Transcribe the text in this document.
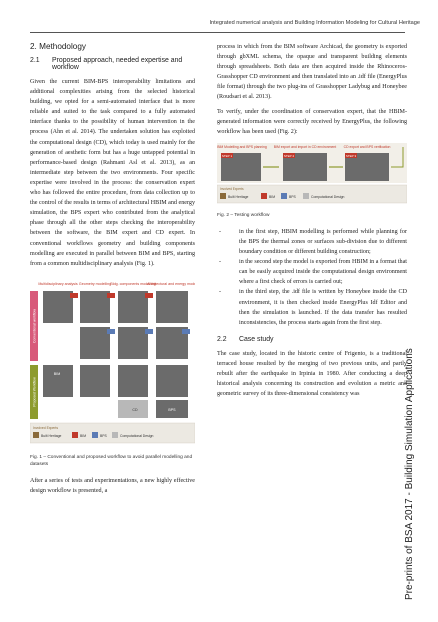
Integrated numerical analysis and Building Information Modeling for Cultural Heritage
Pre-prints of BSA 2017 - Building Simulation Applications
2. Methodology
2.1	Proposed approach, needed expertise and workflow

Given the current BIM-BPS interoperability limitations and additional complexities arising from the selected historical building, we opted for a semi-automated interface that is more reliable and suited to the task compared to a fully automated interface thanks to the possibility of human intervention in the process (Ahn et al. 2014). The undertaken solution has exploited the computational design (CD), which today is used mainly for the generation of aesthetic form but has a huge untapped potential in performance-based design (Rahmani Asl et al. 2013), as an intermediate step between the two environments. Four specific expertise were involved in the process: the conservation expert who has followed the entire procedure, from data collection up to the control of the results in terms of architectural HBIM and energy simulation, the BPS expert who contributed from the analytical phase through all the other steps checking the interoperability between the software, the BIM expert and CD expert. In conventional workflows geometry and building components modelling are executed in parallel between BIM and BPS, starting from a common multidisciplinary analysis (Fig. 1).

Multidisciplinary analysis Geometry modelling Bldg. components modelling
Architectural and energy model
Conventional workflow
Proposed Workflow
CD
BIM
BPS
Involved Experts
Built Heritage	BIM	BPS	Computational Design
Fig. 1 – Conventional and proposed workflow to avoid parallel modelling and datasets

After a series of tests and experimentations, a new highly effective design workflow is presented, a

process in which from the BIM software Archicad, the geometry is exported through gbXML schema, the opaque and transparent building elements through spreadsheets. Both data are then acquired inside the Rhinoceros-Grasshopper CD environment and then translated into an .idf file (EnergyPlus file format) through the two plug-ins of Grasshopper Ladybug and Honeybee (Roudsari et al. 2013).

To verify, under the coordination of conservation expert, that the HBIM-generated information were correctly received by EnergyPlus, the following workflow has been used (Fig. 2):

BIM Modelling and BPS planning BIM export and import in CD environment CD export and BPS verification
STEP 1	STEP 2	STEP 3
Involved Experts
Built Heritage	BIM	BPS	Computational Design
Fig. 2 – Testing workflow
-	in the first step, HBIM modelling is performed while planning for the BPS the thermal zones or surfaces sub-division due to different boundary condition or different building construction;
-	in the second step the model is exported from HBIM in a format that can be easily acquired inside the computational design environment where a first check of errors is carried out;
-	in the third step, the .idf file is written by Honeybee inside the CD environment, it is then checked inside EnergyPlus Idf Editor and then the simulation is launched. If the data transfer has resulted inconsistencies, the process starts again from the first step.
2.2	Case study

The case study, located in the historic centre of Frigento, is a traditional terraced house resulted by the merging of two previous units, and partly rebuilt after the earthquake in Irpinia in 1980. After conducting a deep historical analysis concerning its construction and evolution a metric and geometric survey of its three-dimensional consistency was
